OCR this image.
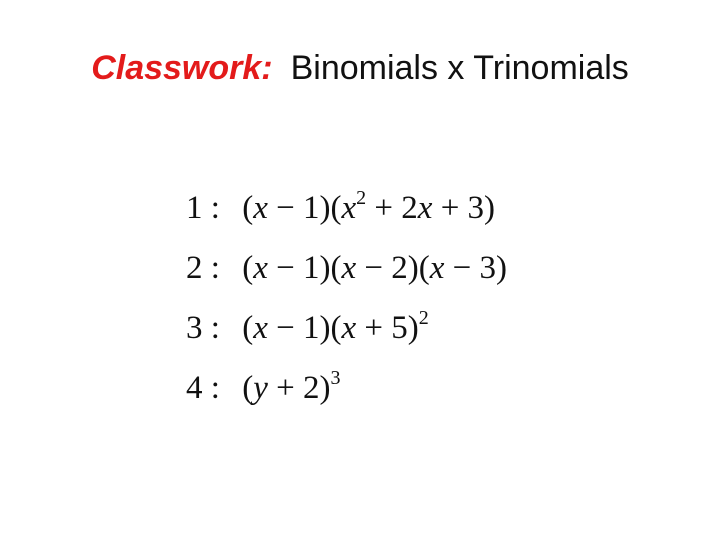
Classwork: Binomials x Trinomials
1 : $(x - 1)(x^2 + 2x + 3)$
2 : (x − 1)(x − 2)(x − 3)
3 : $(x - 1)(x + 5)^2$
4 : $(y + 2)^3$
